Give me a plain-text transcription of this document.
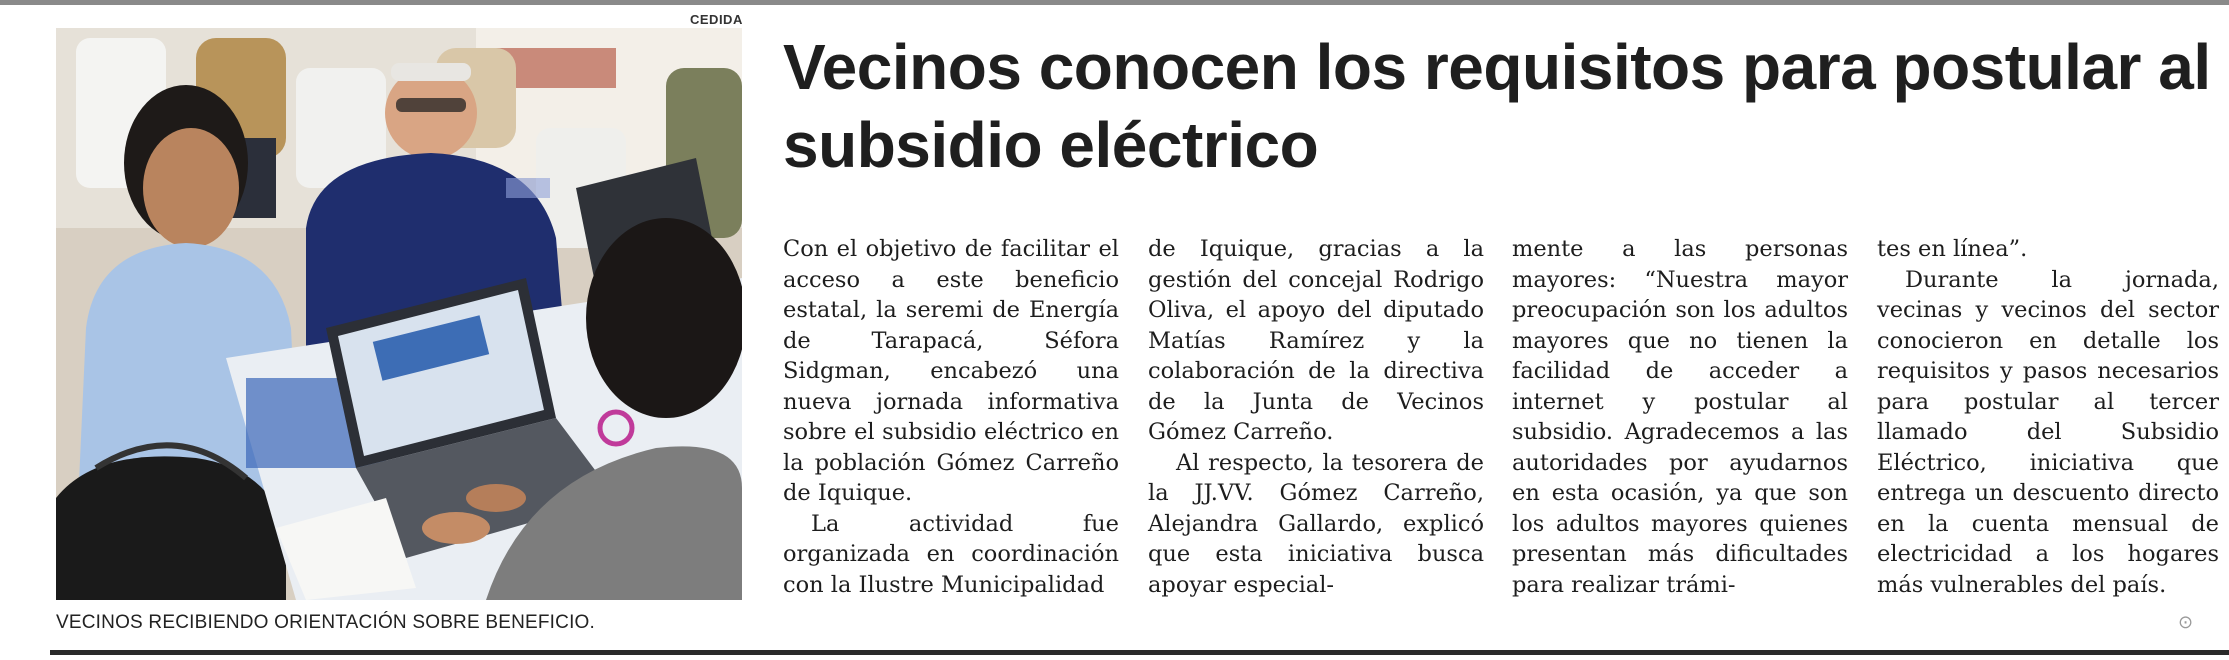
CEDIDA
VECINOS RECIBIENDO ORIENTACIÓN SOBRE BENEFICIO.
Vecinos conocen los requisitos para postular al subsidio eléctrico

Con el objetivo de facilitar el acceso a este beneficio estatal, la seremi de Energía de Tarapacá, Séfora Sidgman, encabezó una nueva jornada informativa sobre el subsidio eléctrico en la población Gómez Carreño de Iquique.

La actividad fue organizada en coordinación con la Ilustre Municipalidad

de Iquique, gracias a la gestión del concejal Rodrigo Oliva, el apoyo del diputado Matías Ramírez y la colaboración de la directiva de la Junta de Vecinos Gómez Carreño.

Al respecto, la tesorera de la JJ.VV. Gómez Carreño, Alejandra Gallardo, explicó que esta iniciativa busca apoyar especial-

mente a las personas mayores: “Nuestra mayor preocupación son los adultos mayores que no tienen la facilidad de acceder a internet y postular al subsidio. Agradecemos a las autoridades por ayudarnos en esta ocasión, ya que son los adultos mayores quienes presentan más dificultades para realizar trámi-

tes en línea”.

Durante la jornada, vecinas y vecinos del sector conocieron en detalle los requisitos y pasos necesarios para postular al tercer llamado del Subsidio Eléctrico, iniciativa que entrega un descuento directo en la cuenta mensual de electricidad a los hogares más vulnerables del país.

⊙
